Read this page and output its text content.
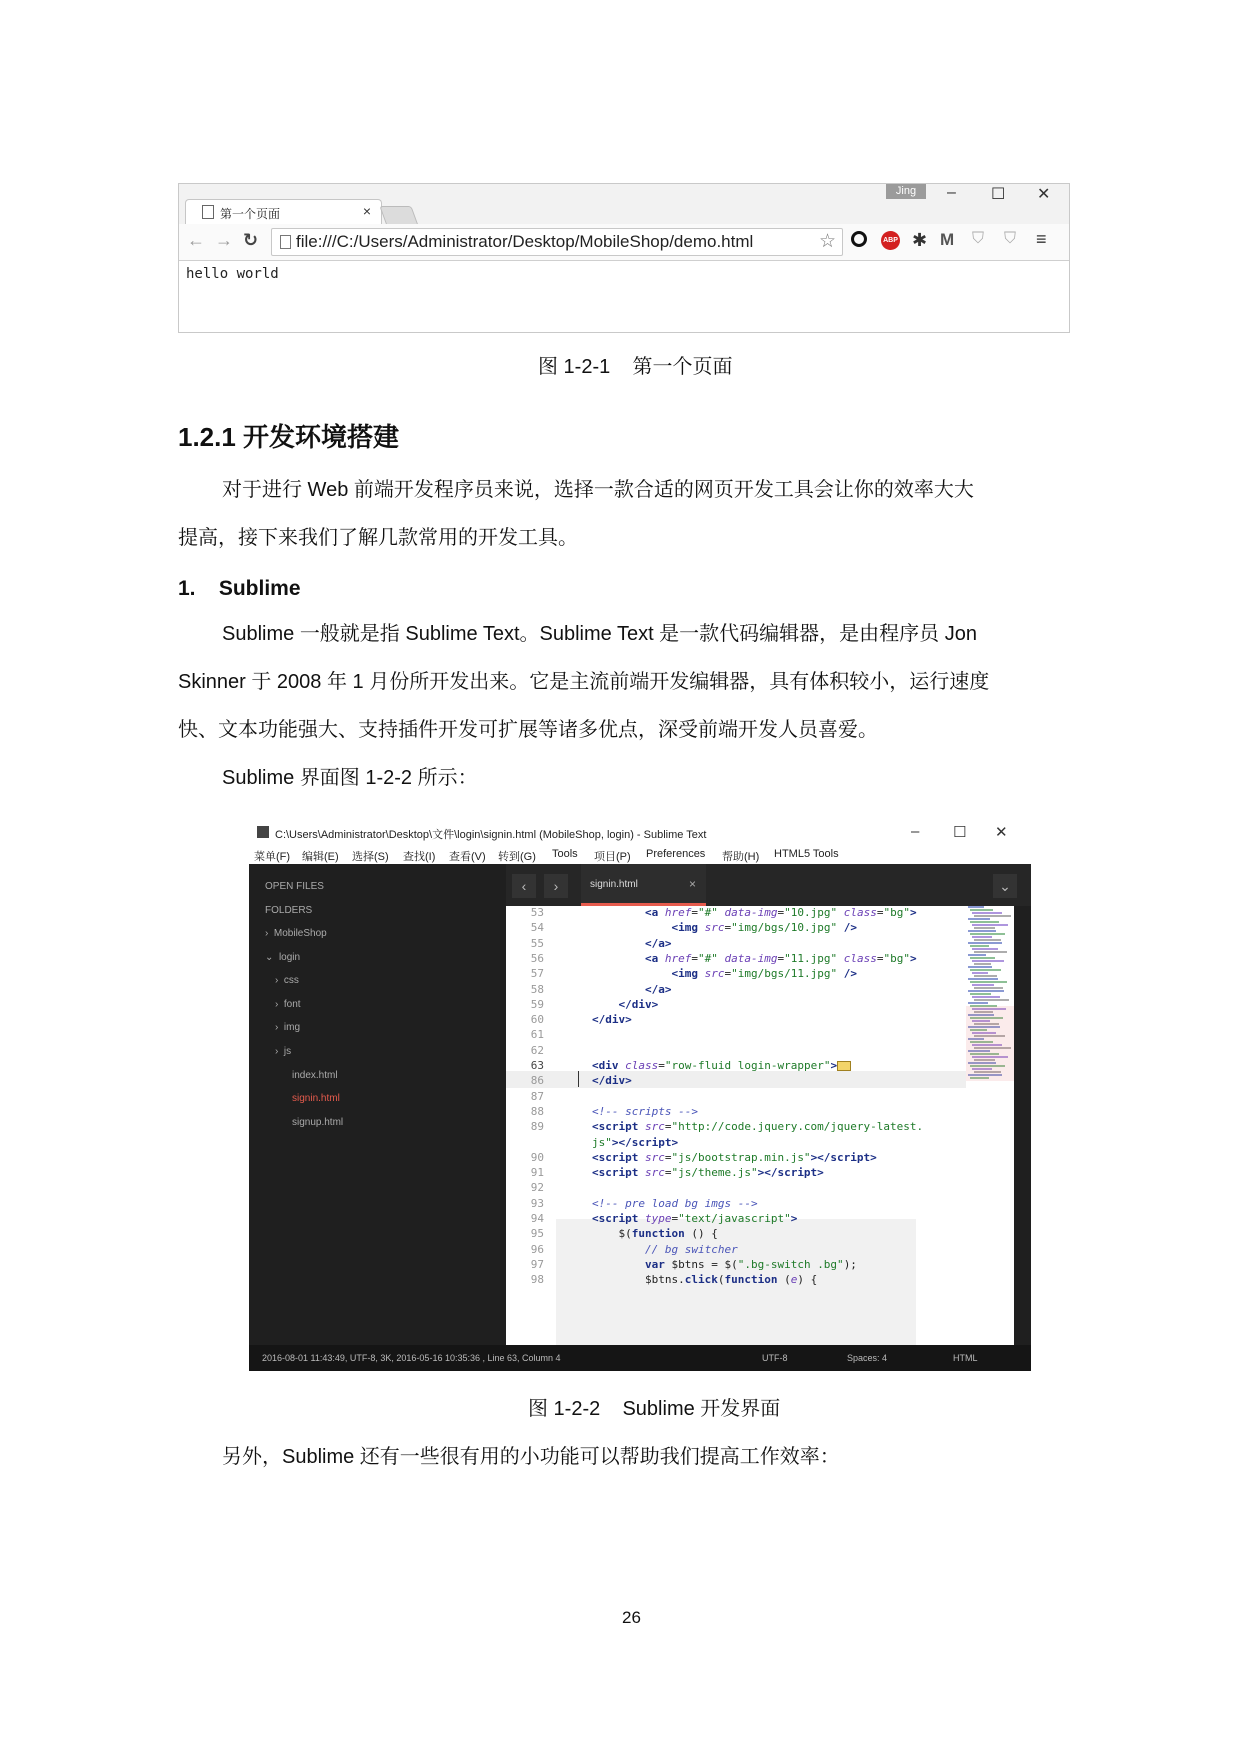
第一个页面	×
Jing	– ☐ ✕
← → ↻ file:///C:/Users/Administrator/Desktop/MobileShop/demo.html	☆	ABP ✱ M ⛉ ⛉ ≡
hello world
图 1-2-1    第一个页面
1.2.1 开发环境搭建
对于进行 Web 前端开发程序员来说，选择一款合适的网页开发工具会让你的效率大大
提高，接下来我们了解几款常用的开发工具。
1.    Sublime
Sublime 一般就是指 Sublime Text。Sublime Text 是一款代码编辑器，是由程序员 Jon
Skinner 于 2008 年 1 月份所开发出来。它是主流前端开发编辑器，具有体积较小，运行速度
快、文本功能强大、支持插件开发可扩展等诸多优点，深受前端开发人员喜爱。
Sublime 界面图 1-2-2 所示：
C:\Users\Administrator\Desktop\文件\login\signin.html (MobileShop, login) - Sublime Text	– ☐ ✕
菜单(F) 编辑(E) 选择(S) 查找(I) 查看(V) 转到(G) Tools 项目(P) Preferences 帮助(H) HTML5 Tools
OPEN FILES
FOLDERS
› MobileShop
⌄ login
› css
› font
› img
› js
index.html
signin.html
signup.html
‹	›	signin.html	×	⌄
53
54
55
56
57
58
59
60
61
62
63
86
87
88
89
90
91
92
93
94
95
96
97
98
<a href="#" data-img="10.jpg" class="bg">
<img src="img/bgs/10.jpg" />
</a>
<a href="#" data-img="11.jpg" class="bg">
<img src="img/bgs/11.jpg" />
</a>
</div>
</div>
<div class="row-fluid login-wrapper">
</div>
<!-- scripts -->
<script src="http://code.jquery.com/jquery-latest.
js"></script>
<script src="js/bootstrap.min.js"></script>
<script src="js/theme.js"></script>
<!-- pre load bg imgs -->
<script type="text/javascript">
$(function () {
// bg switcher
var $btns = $(".bg-switch .bg");
$btns.click(function (e) {
2016-08-01 11:43:49, UTF-8, 3K, 2016-05-16 10:35:36 , Line 63, Column 4	UTF-8	Spaces: 4	HTML
图 1-2-2    Sublime 开发界面
另外，Sublime 还有一些很有用的小功能可以帮助我们提高工作效率：
26
